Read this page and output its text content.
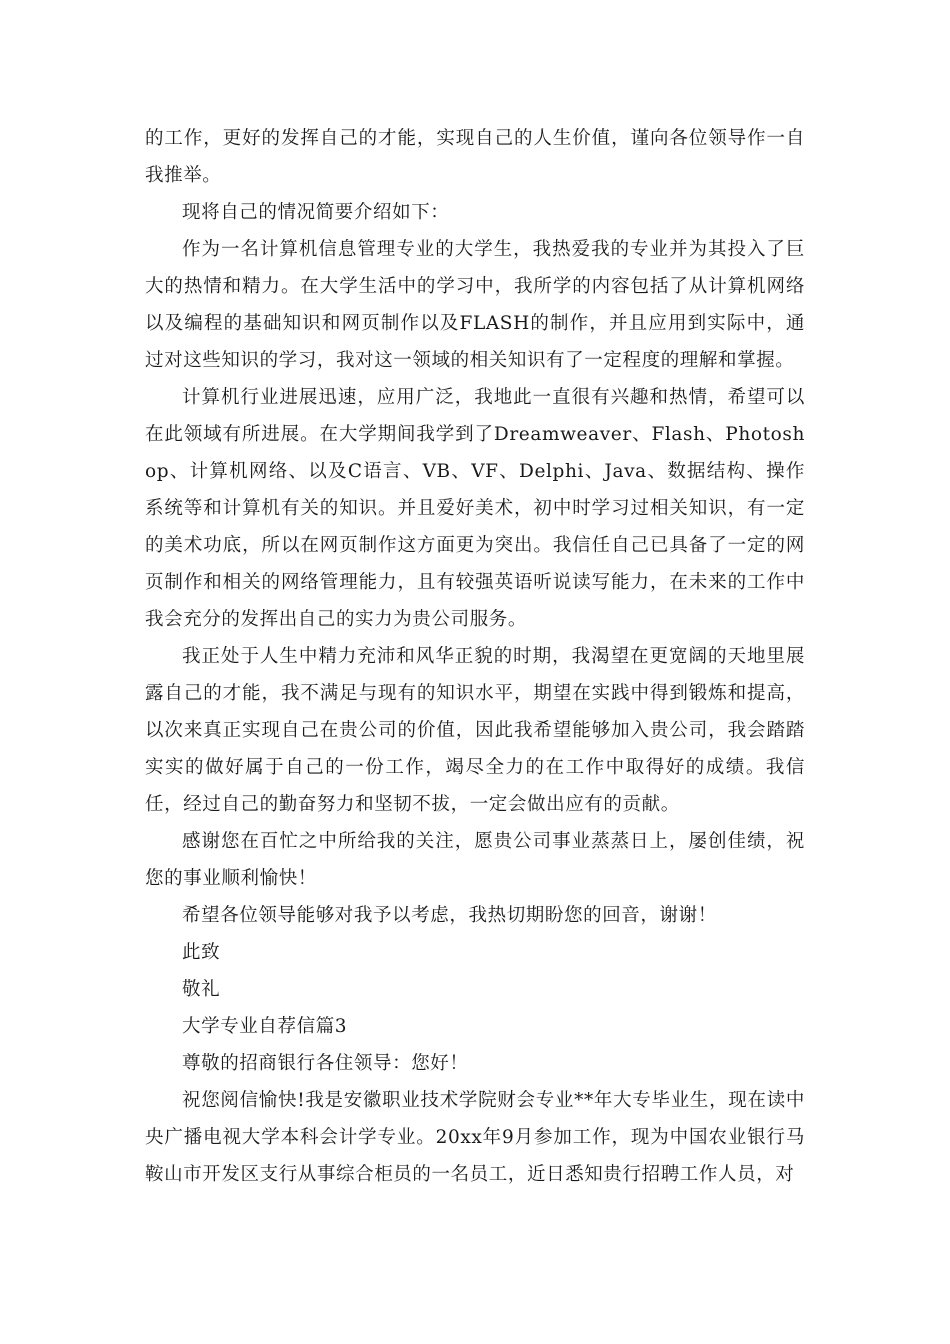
的工作，更好的发挥自己的才能，实现自己的人生价值，谨向各位领导作一自我推举。

现将自己的情况简要介绍如下：

作为一名计算机信息管理专业的大学生，我热爱我的专业并为其投入了巨大的热情和精力。在大学生活中的学习中，我所学的内容包括了从计算机网络以及编程的基础知识和网页制作以及FLASH的制作，并且应用到实际中，通过对这些知识的学习，我对这一领域的相关知识有了一定程度的理解和掌握。

计算机行业进展迅速，应用广泛，我地此一直很有兴趣和热情，希望可以在此领域有所进展。在大学期间我学到了Dreamweaver、Flash、Photoshop、计算机网络、以及C语言、VB、VF、Delphi、Java、数据结构、操作系统等和计算机有关的知识。并且爱好美术，初中时学习过相关知识，有一定的美术功底，所以在网页制作这方面更为突出。我信任自己已具备了一定的网页制作和相关的网络管理能力，且有较强英语听说读写能力，在未来的工作中我会充分的发挥出自己的实力为贵公司服务。

我正处于人生中精力充沛和风华正貌的时期，我渴望在更宽阔的天地里展露自己的才能，我不满足与现有的知识水平，期望在实践中得到锻炼和提高，以次来真正实现自己在贵公司的价值，因此我希望能够加入贵公司，我会踏踏实实的做好属于自己的一份工作，竭尽全力的在工作中取得好的成绩。我信任，经过自己的勤奋努力和坚韧不拔，一定会做出应有的贡献。

感谢您在百忙之中所给我的关注，愿贵公司事业蒸蒸日上，屡创佳绩，祝您的事业顺利愉快！

希望各位领导能够对我予以考虑，我热切期盼您的回音，谢谢！

此致

敬礼

大学专业自荐信篇3

尊敬的招商银行各住领导：您好！

祝您阅信愉快!我是安徽职业技术学院财会专业**年大专毕业生，现在读中央广播电视大学本科会计学专业。20xx年9月参加工作，现为中国农业银行马鞍山市开发区支行从事综合柜员的一名员工，近日悉知贵行招聘工作人员，对
